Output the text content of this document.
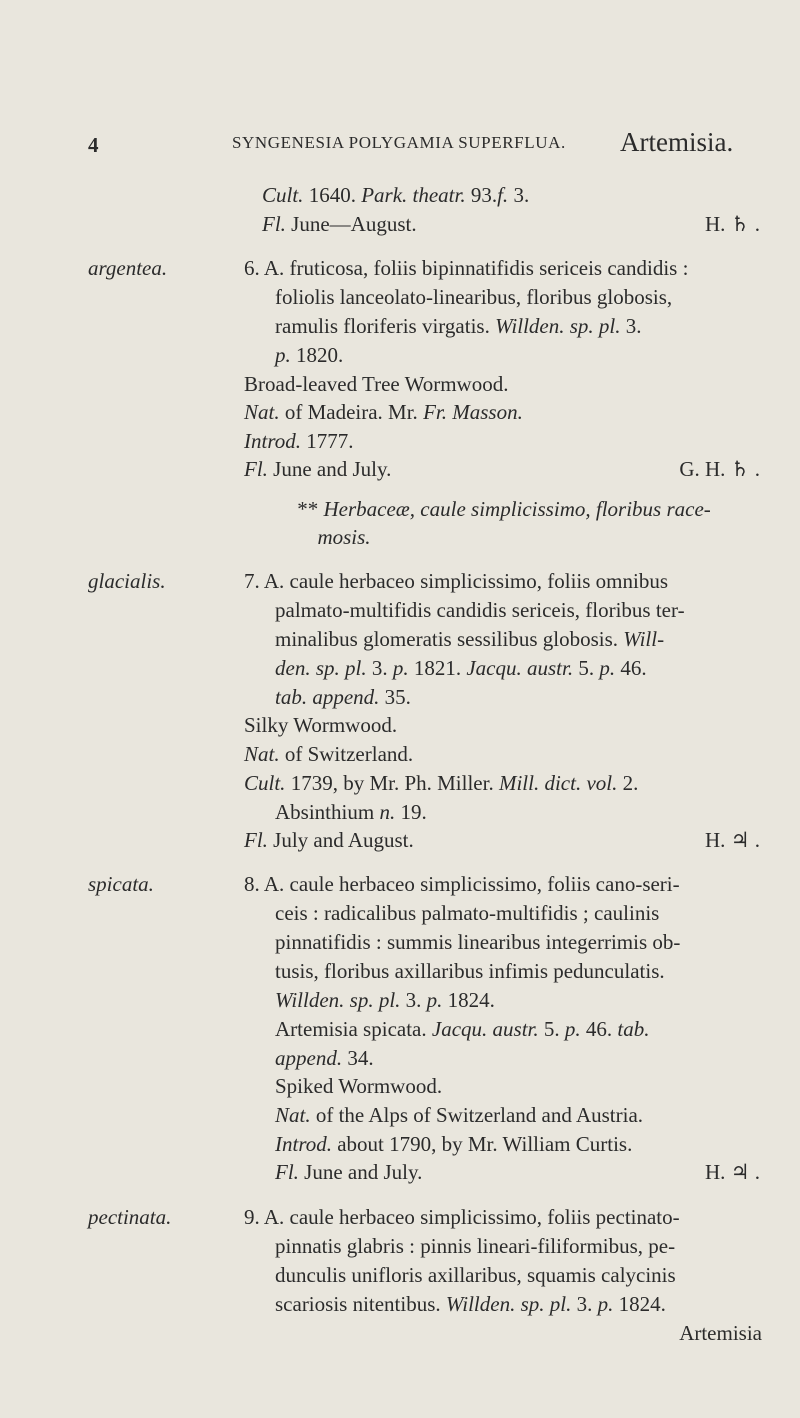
4	SYNGENESIA POLYGAMIA SUPERFLUA. Artemisia.
Cult. 1640. Park. theatr. 93.f. 3.
Fl. June—August.	H. ♄ .
argentea.	6. A. fruticosa, foliis bipinnatifidis sericeis candidis :
foliolis lanceolato-linearibus, floribus globosis,
ramulis floriferis virgatis. Willden. sp. pl. 3.
p. 1820.
Broad-leaved Tree Wormwood.
Nat. of Madeira. Mr. Fr. Masson.
Introd. 1777.
Fl. June and July.	G. H. ♄ .
** Herbaceæ, caule simplicissimo, floribus race-
mosis.
glacialis.	7. A. caule herbaceo simplicissimo, foliis omnibus
palmato-multifidis candidis sericeis, floribus ter-
minalibus glomeratis sessilibus globosis. Will-
den. sp. pl. 3. p. 1821. Jacqu. austr. 5. p. 46.
tab. append. 35.
Silky Wormwood.
Nat. of Switzerland.
Cult. 1739, by Mr. Ph. Miller. Mill. dict. vol. 2.
Absinthium n. 19.
Fl. July and August.	H. ♃ .
spicata.	8. A. caule herbaceo simplicissimo, foliis cano-seri-
ceis : radicalibus palmato-multifidis ; caulinis
pinnatifidis : summis linearibus integerrimis ob-
tusis, floribus axillaribus infimis pedunculatis.
Willden. sp. pl. 3. p. 1824.
Artemisia spicata. Jacqu. austr. 5. p. 46. tab.
append. 34.
Spiked Wormwood.
Nat. of the Alps of Switzerland and Austria.
Introd. about 1790, by Mr. William Curtis.
Fl. June and July.	H. ♃ .
pectinata.	9. A. caule herbaceo simplicissimo, foliis pectinato-
pinnatis glabris : pinnis lineari-filiformibus, pe-
dunculis unifloris axillaribus, squamis calycinis
scariosis nitentibus. Willden. sp. pl. 3. p. 1824.
Artemisia
